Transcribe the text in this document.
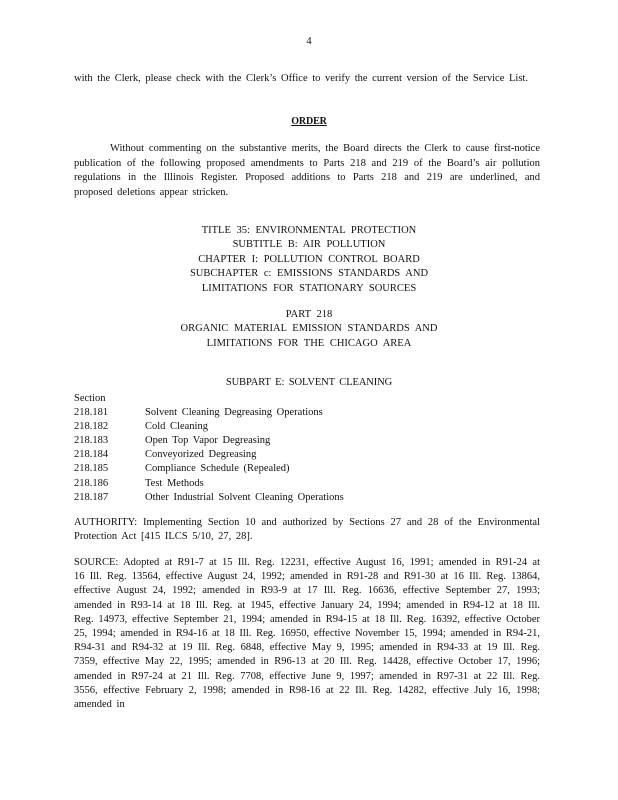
4
with the Clerk, please check with the Clerk’s Office to verify the current version of the Service List.
ORDER
Without commenting on the substantive merits, the Board directs the Clerk to cause first-notice publication of the following proposed amendments to Parts 218 and 219 of the Board’s air pollution regulations in the Illinois Register. Proposed additions to Parts 218 and 219 are underlined, and proposed deletions appear stricken.
TITLE 35: ENVIRONMENTAL PROTECTION
SUBTITLE B: AIR POLLUTION
CHAPTER I: POLLUTION CONTROL BOARD
SUBCHAPTER c: EMISSIONS STANDARDS AND
LIMITATIONS FOR STATIONARY SOURCES
PART 218
ORGANIC MATERIAL EMISSION STANDARDS AND
LIMITATIONS FOR THE CHICAGO AREA
SUBPART E: SOLVENT CLEANING
Section
218.181	Solvent Cleaning Degreasing Operations
218.182	Cold Cleaning
218.183	Open Top Vapor Degreasing
218.184	Conveyorized Degreasing
218.185	Compliance Schedule (Repealed)
218.186	Test Methods
218.187	Other Industrial Solvent Cleaning Operations
AUTHORITY: Implementing Section 10 and authorized by Sections 27 and 28 of the Environmental Protection Act [415 ILCS 5/10, 27, 28].
SOURCE: Adopted at R91-7 at 15 Ill. Reg. 12231, effective August 16, 1991; amended in R91-24 at 16 Ill. Reg. 13564, effective August 24, 1992; amended in R91-28 and R91-30 at 16 Ill. Reg. 13864, effective August 24, 1992; amended in R93-9 at 17 Ill. Reg. 16636, effective September 27, 1993; amended in R93-14 at 18 Ill. Reg. at 1945, effective January 24, 1994; amended in R94-12 at 18 Ill. Reg. 14973, effective September 21, 1994; amended in R94-15 at 18 Ill. Reg. 16392, effective October 25, 1994; amended in R94-16 at 18 Ill. Reg. 16950, effective November 15, 1994; amended in R94-21, R94-31 and R94-32 at 19 Ill. Reg. 6848, effective May 9, 1995; amended in R94-33 at 19 Ill. Reg. 7359, effective May 22, 1995; amended in R96-13 at 20 Ill. Reg. 14428, effective October 17, 1996; amended in R97-24 at 21 Ill. Reg. 7708, effective June 9, 1997; amended in R97-31 at 22 Ill. Reg. 3556, effective February 2, 1998; amended in R98-16 at 22 Ill. Reg. 14282, effective July 16, 1998; amended in
